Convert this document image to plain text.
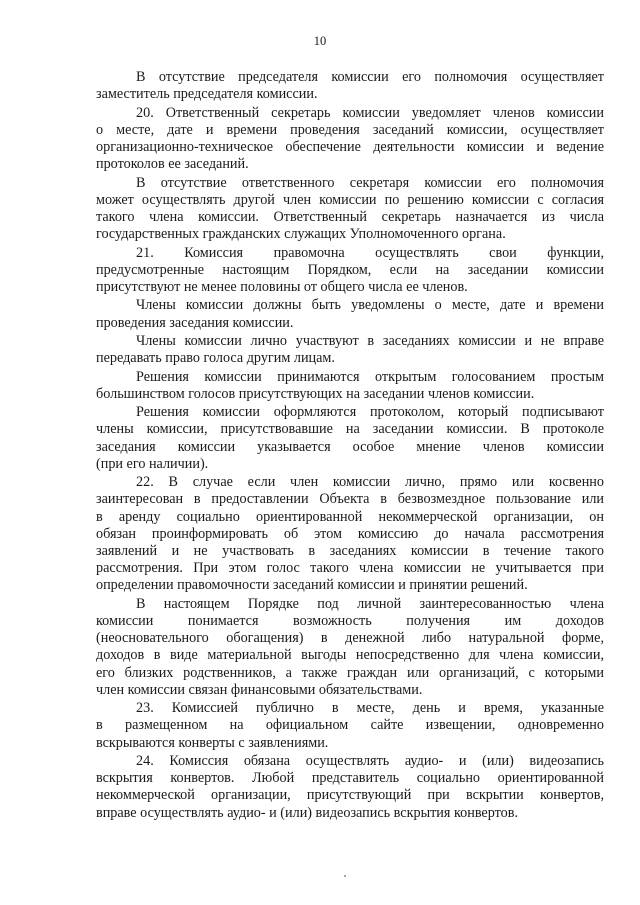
10
В отсутствие председателя комиссии его полномочия осуществляет
заместитель председателя комиссии.
20. Ответственный секретарь комиссии уведомляет членов комиссии
о месте, дате и времени проведения заседаний комиссии, осуществляет
организационно-техническое обеспечение деятельности комиссии и ведение
протоколов ее заседаний.
В отсутствие ответственного секретаря комиссии его полномочия
может осуществлять другой член комиссии по решению комиссии с согласия
такого члена комиссии. Ответственный секретарь назначается из числа
государственных гражданских служащих Уполномоченного органа.
21. Комиссия правомочна осуществлять свои функции,
предусмотренные настоящим Порядком, если на заседании комиссии
присутствуют не менее половины от общего числа ее членов.
Члены комиссии должны быть уведомлены о месте, дате и времени
проведения заседания комиссии.
Члены комиссии лично участвуют в заседаниях комиссии и не вправе
передавать право голоса другим лицам.
Решения комиссии принимаются открытым голосованием простым
большинством голосов присутствующих на заседании членов комиссии.
Решения комиссии оформляются протоколом, который подписывают
члены комиссии, присутствовавшие на заседании комиссии. В протоколе
заседания комиссии указывается особое мнение членов комиссии
(при его наличии).
22. В случае если член комиссии лично, прямо или косвенно
заинтересован в предоставлении Объекта в безвозмездное пользование или
в аренду социально ориентированной некоммерческой организации, он
обязан проинформировать об этом комиссию до начала рассмотрения
заявлений и не участвовать в заседаниях комиссии в течение такого
рассмотрения. При этом голос такого члена комиссии не учитывается при
определении правомочности заседаний комиссии и принятии решений.
В настоящем Порядке под личной заинтересованностью члена
комиссии понимается возможность получения им доходов
(неосновательного обогащения) в денежной либо натуральной форме,
доходов в виде материальной выгоды непосредственно для члена комиссии,
его близких родственников, а также граждан или организаций, с которыми
член комиссии связан финансовыми обязательствами.
23. Комиссией публично в месте, день и время, указанные
в размещенном на официальном сайте извещении, одновременно
вскрываются конверты с заявлениями.
24. Комиссия обязана осуществлять аудио- и (или) видеозапись
вскрытия конвертов. Любой представитель социально ориентированной
некоммерческой организации, присутствующий при вскрытии конвертов,
вправе осуществлять аудио- и (или) видеозапись вскрытия конвертов.
